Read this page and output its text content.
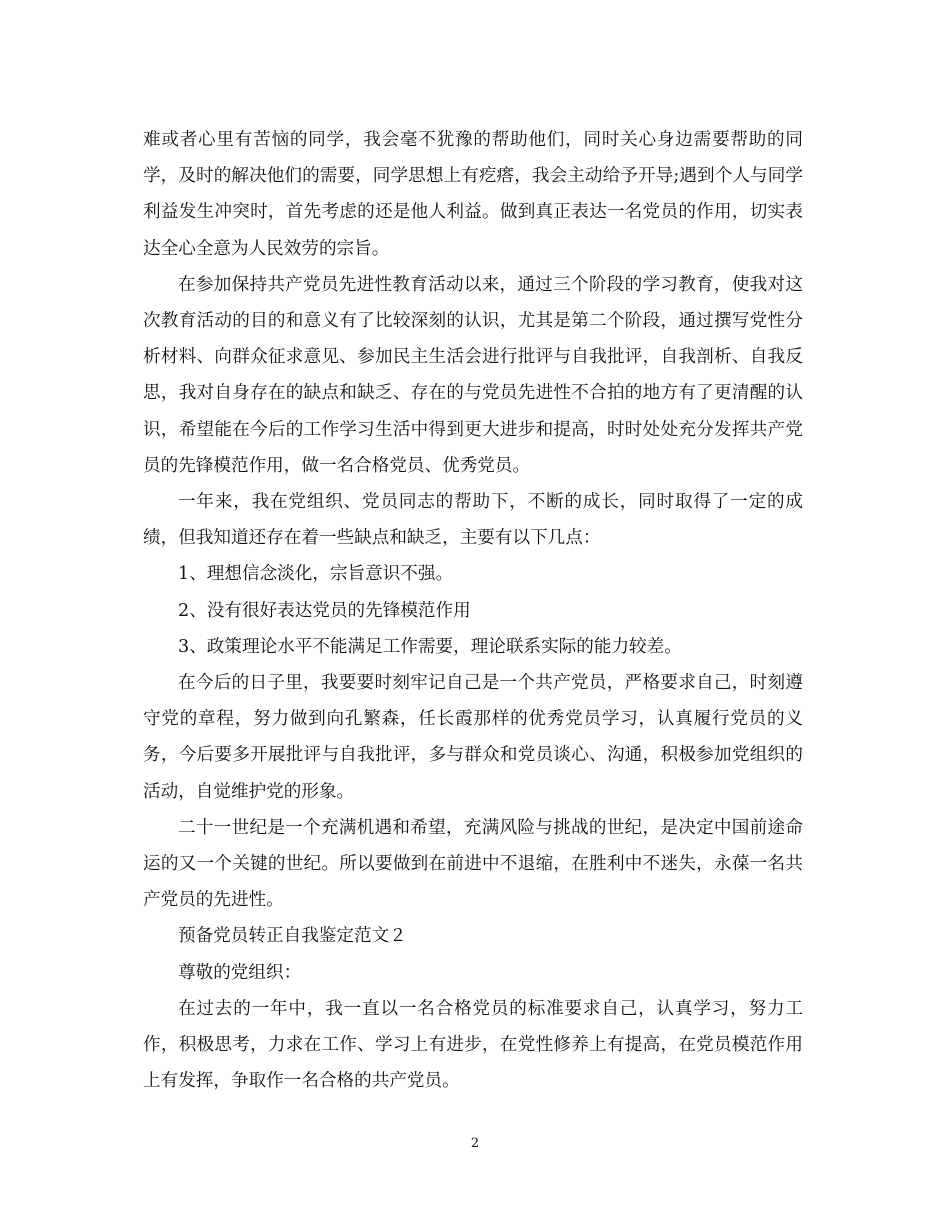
难或者心里有苦恼的同学，我会毫不犹豫的帮助他们，同时关心身边需要帮助的同学，及时的解决他们的需要，同学思想上有疙瘩，我会主动给予开导;遇到个人与同学利益发生冲突时，首先考虑的还是他人利益。做到真正表达一名党员的作用，切实表达全心全意为人民效劳的宗旨。

在参加保持共产党员先进性教育活动以来，通过三个阶段的学习教育，使我对这次教育活动的目的和意义有了比较深刻的认识，尤其是第二个阶段，通过撰写党性分析材料、向群众征求意见、参加民主生活会进行批评与自我批评，自我剖析、自我反思，我对自身存在的缺点和缺乏、存在的与党员先进性不合拍的地方有了更清醒的认识，希望能在今后的工作学习生活中得到更大进步和提高，时时处处充分发挥共产党员的先锋模范作用，做一名合格党员、优秀党员。

一年来，我在党组织、党员同志的帮助下，不断的成长，同时取得了一定的成绩，但我知道还存在着一些缺点和缺乏，主要有以下几点：

1、理想信念淡化，宗旨意识不强。

2、没有很好表达党员的先锋模范作用

3、政策理论水平不能满足工作需要，理论联系实际的能力较差。

在今后的日子里，我要要时刻牢记自己是一个共产党员，严格要求自己，时刻遵守党的章程，努力做到向孔繁森，任长霞那样的优秀党员学习，认真履行党员的义务，今后要多开展批评与自我批评，多与群众和党员谈心、沟通，积极参加党组织的活动，自觉维护党的形象。

二十一世纪是一个充满机遇和希望，充满风险与挑战的世纪，是决定中国前途命运的又一个关键的世纪。所以要做到在前进中不退缩，在胜利中不迷失，永葆一名共产党员的先进性。

预备党员转正自我鉴定范文２

尊敬的党组织：

在过去的一年中，我一直以一名合格党员的标准要求自己，认真学习，努力工作，积极思考，力求在工作、学习上有进步，在党性修养上有提高，在党员模范作用上有发挥，争取作一名合格的共产党员。

2
